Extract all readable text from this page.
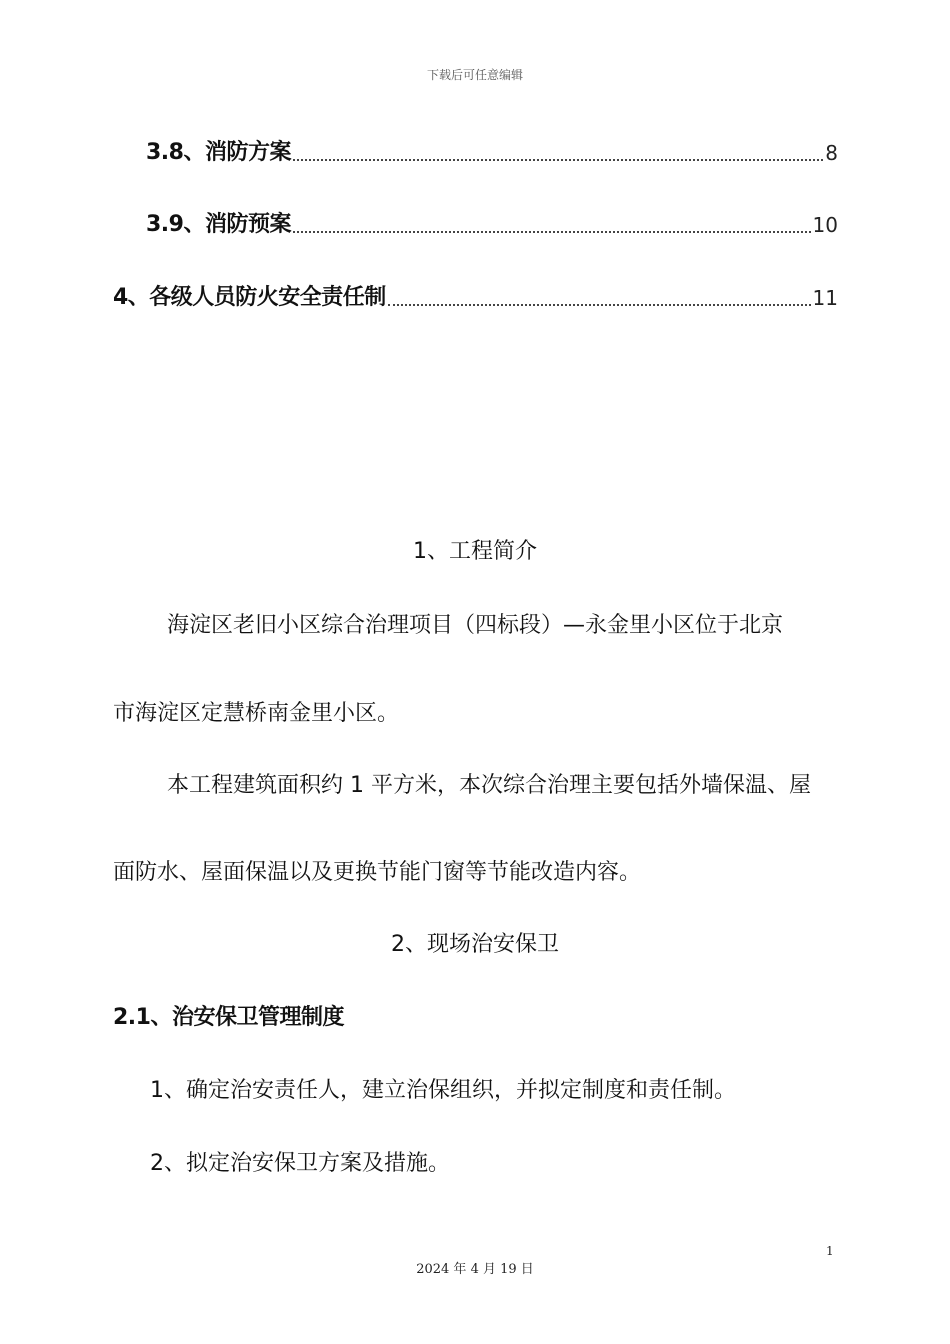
下载后可任意编辑
3.8、消防方案	8
3.9、消防预案	10
4、各级人员防火安全责任制	11
1、工程简介
海淀区老旧小区综合治理项目（四标段）—永金里小区位于北京
市海淀区定慧桥南金里小区。
本工程建筑面积约 1 平方米，本次综合治理主要包括外墙保温、屋
面防水、屋面保温以及更换节能门窗等节能改造内容。
2、现场治安保卫
2.1、治安保卫管理制度
1、确定治安责任人，建立治保组织，并拟定制度和责任制。
2、拟定治安保卫方案及措施。
1
2024 年 4 月 19 日
